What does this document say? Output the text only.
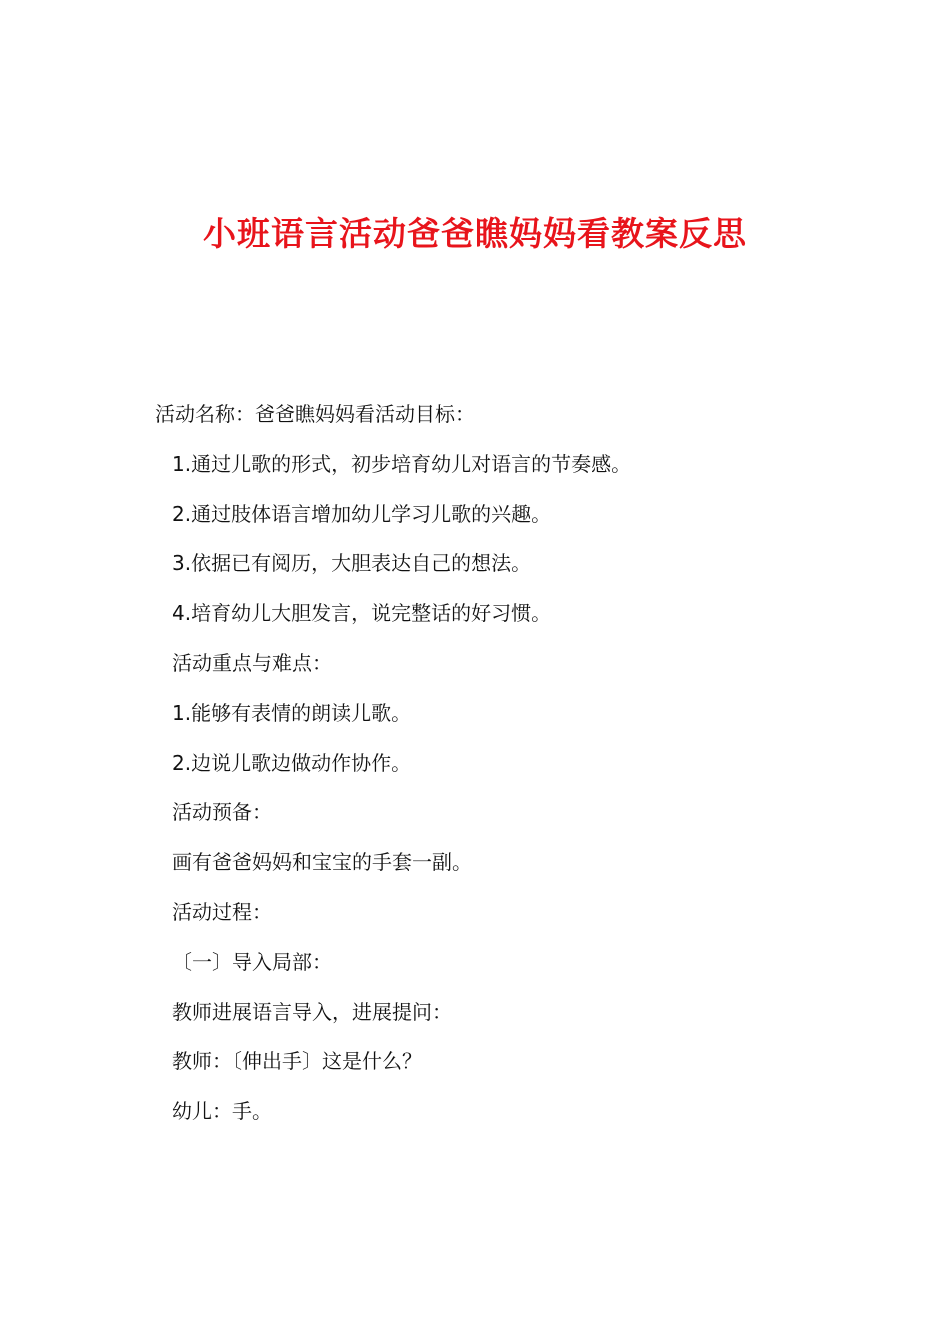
小班语言活动爸爸瞧妈妈看教案反思
活动名称：爸爸瞧妈妈看活动目标：
1.通过儿歌的形式，初步培育幼儿对语言的节奏感。
2.通过肢体语言增加幼儿学习儿歌的兴趣。
3.依据已有阅历，大胆表达自己的想法。
4.培育幼儿大胆发言，说完整话的好习惯。
活动重点与难点：
1.能够有表情的朗读儿歌。
2.边说儿歌边做动作协作。
活动预备：
画有爸爸妈妈和宝宝的手套一副。
活动过程：
〔一〕导入局部：
教师进展语言导入，进展提问：
教师：〔伸出手〕这是什么？
幼儿：手。
